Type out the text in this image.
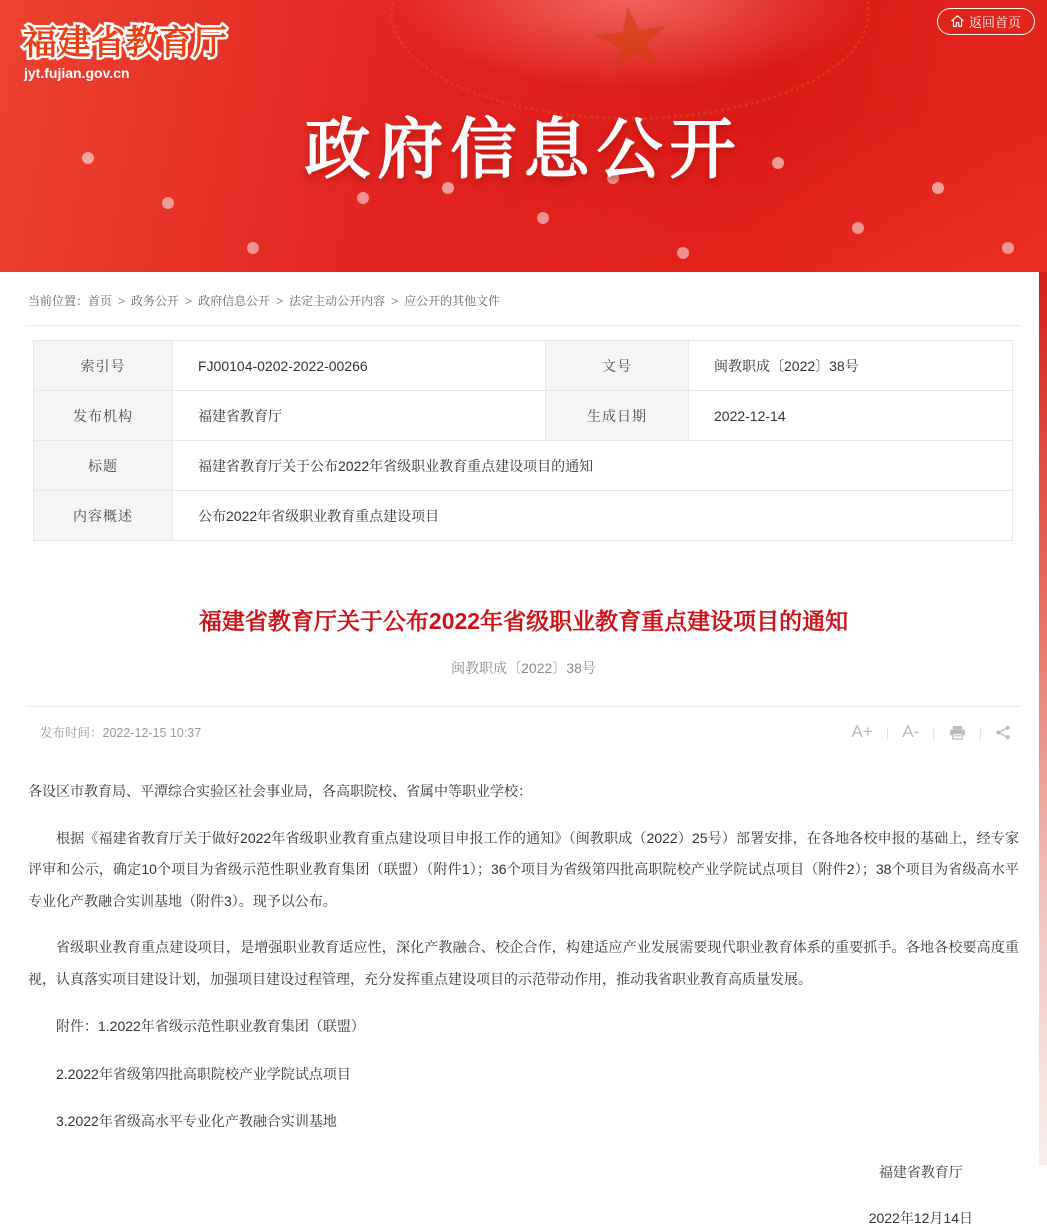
福建省教育厅
jyt.fujian.gov.cn
返回首页
政府信息公开
当前位置：首页 > 政务公开 > 政府信息公开 > 法定主动公开内容 > 应公开的其他文件
索引号	FJ00104-0202-2022-00266	文号	闽教职成〔2022〕38号
发布机构	福建省教育厅	生成日期	2022-12-14
标题	福建省教育厅关于公布2022年省级职业教育重点建设项目的通知		
内容概述	公布2022年省级职业教育重点建设项目		
福建省教育厅关于公布2022年省级职业教育重点建设项目的通知
闽教职成〔2022〕38号
发布时间：2022-12-15 10:37	A+ | A- |	|

各设区市教育局、平潭综合实验区社会事业局，各高职院校、省属中等职业学校：

根据《福建省教育厅关于做好2022年省级职业教育重点建设项目申报工作的通知》（闽教职成（2022）25号）部署安排，在各地各校申报的基础上，经专家评审和公示，确定10个项目为省级示范性职业教育集团（联盟）（附件1）；36个项目为省级第四批高职院校产业学院试点项目（附件2）；38个项目为省级高水平专业化产教融合实训基地（附件3）。现予以公布。

省级职业教育重点建设项目，是增强职业教育适应性，深化产教融合、校企合作，构建适应产业发展需要现代职业教育体系的重要抓手。各地各校要高度重视，认真落实项目建设计划，加强项目建设过程管理，充分发挥重点建设项目的示范带动作用，推动我省职业教育高质量发展。

附件：1.2022年省级示范性职业教育集团（联盟）
2.2022年省级第四批高职院校产业学院试点项目
3.2022年省级高水平专业化产教融合实训基地
福建省教育厅
2022年12月14日
